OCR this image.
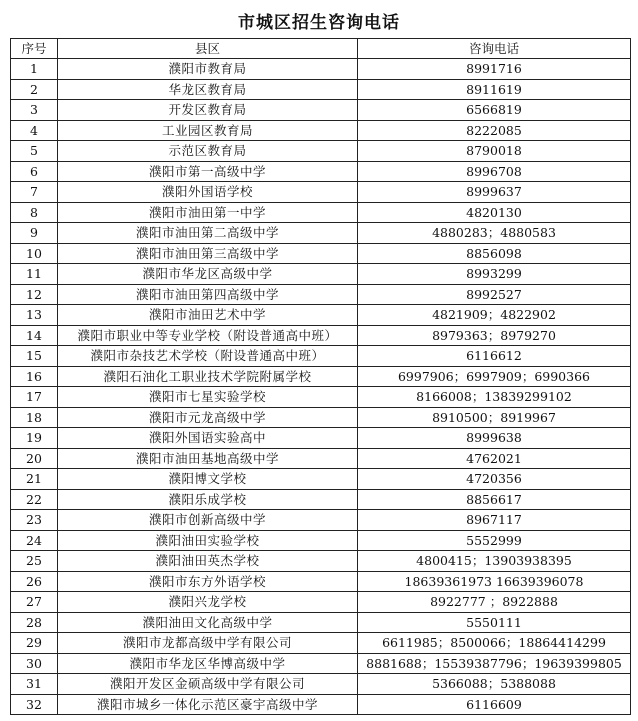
市城区招生咨询电话
序号	县区	咨询电话
1	濮阳市教育局	8991716
2	华龙区教育局	8911619
3	开发区教育局	6566819
4	工业园区教育局	8222085
5	示范区教育局	8790018
6	濮阳市第一高级中学	8996708
7	濮阳外国语学校	8999637
8	濮阳市油田第一中学	4820130
9	濮阳市油田第二高级中学	4880283；4880583
10	濮阳市油田第三高级中学	8856098
11	濮阳市华龙区高级中学	8993299
12	濮阳市油田第四高级中学	8992527
13	濮阳市油田艺术中学	4821909；4822902
14	濮阳市职业中等专业学校（附设普通高中班）	8979363；8979270
15	濮阳市杂技艺术学校（附设普通高中班）	6116612
16	濮阳石油化工职业技术学院附属学校	6997906；6997909；6990366
17	濮阳市七星实验学校	8166008；13839299102
18	濮阳市元龙高级中学	8910500；8919967
19	濮阳外国语实验高中	8999638
20	濮阳市油田基地高级中学	4762021
21	濮阳博文学校	4720356
22	濮阳乐成学校	8856617
23	濮阳市创新高级中学	8967117
24	濮阳油田实验学校	5552999
25	濮阳油田英杰学校	4800415；13903938395
26	濮阳市东方外语学校	18639361973 16639396078
27	濮阳兴龙学校	8922777 ；8922888
28	濮阳油田文化高级中学	5550111
29	濮阳市龙都高级中学有限公司	6611985；8500066；18864414299
30	濮阳市华龙区华博高级中学	8881688；15539387796；19639399805
31	濮阳开发区金硕高级中学有限公司	5366088；5388088
32	濮阳市城乡一体化示范区豪宇高级中学	6116609
